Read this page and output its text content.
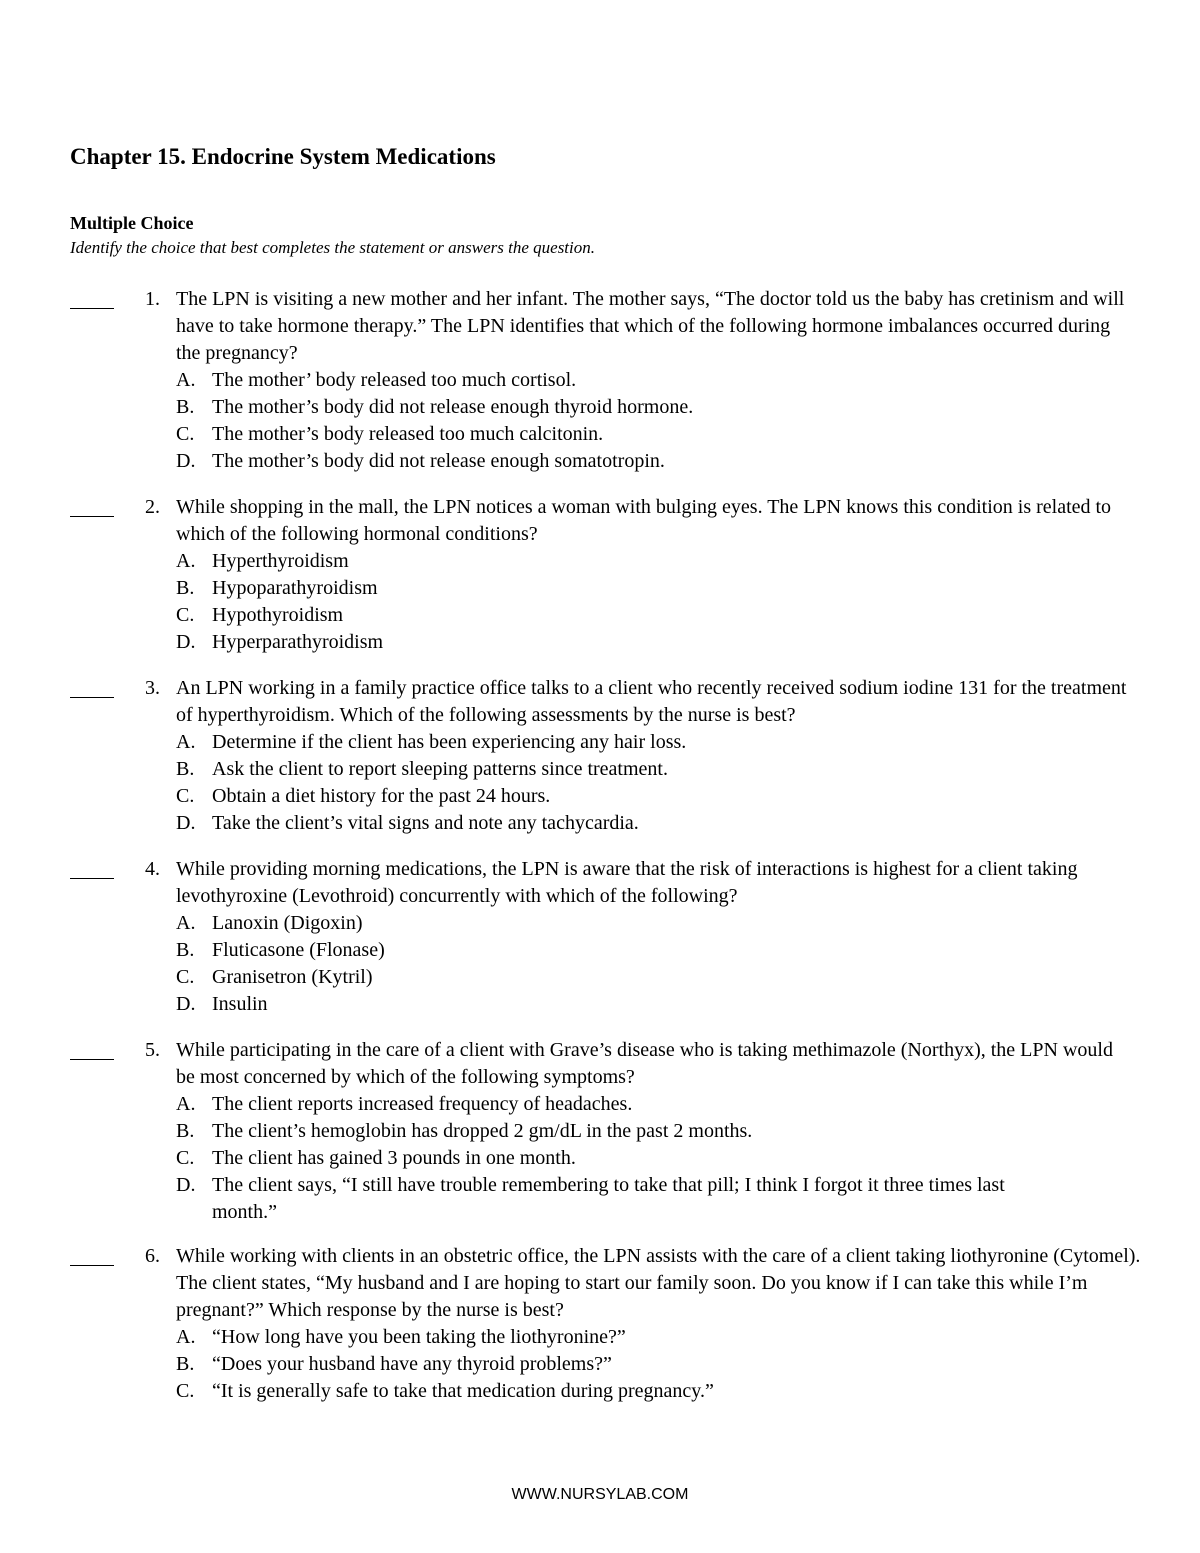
Chapter 15. Endocrine System Medications
Multiple Choice

Identify the choice that best completes the statement or answers the question.

1. The LPN is visiting a new mother and her infant. The mother says, “The doctor told us the baby has cretinism and will have to take hormone therapy.” The LPN identifies that which of the following hormone imbalances occurred during the pregnancy?

A. The mother’ body released too much cortisol.
B. The mother’s body did not release enough thyroid hormone.
C. The mother’s body released too much calcitonin.
D. The mother’s body did not release enough somatotropin.
2. While shopping in the mall, the LPN notices a woman with bulging eyes. The LPN knows this condition is related to which of the following hormonal conditions?

A. Hyperthyroidism
B. Hypoparathyroidism
C. Hypothyroidism
D. Hyperparathyroidism
3. An LPN working in a family practice office talks to a client who recently received sodium iodine 131 for the treatment of hyperthyroidism. Which of the following assessments by the nurse is best?

A. Determine if the client has been experiencing any hair loss.
B. Ask the client to report sleeping patterns since treatment.
C. Obtain a diet history for the past 24 hours.
D. Take the client’s vital signs and note any tachycardia.
4. While providing morning medications, the LPN is aware that the risk of interactions is highest for a client taking levothyroxine (Levothroid) concurrently with which of the following?

A. Lanoxin (Digoxin)
B. Fluticasone (Flonase)
C. Granisetron (Kytril)
D. Insulin
5. While participating in the care of a client with Grave’s disease who is taking methimazole (Northyx), the LPN would be most concerned by which of the following symptoms?

A. The client reports increased frequency of headaches.
B. The client’s hemoglobin has dropped 2 gm/dL in the past 2 months.
C. The client has gained 3 pounds in one month.
D. The client says, “I still have trouble remembering to take that pill; I think I forgot it three times last month.”
6. While working with clients in an obstetric office, the LPN assists with the care of a client taking liothyronine (Cytomel). The client states, “My husband and I are hoping to start our family soon. Do you know if I can take this while I’m pregnant?” Which response by the nurse is best?

A. “How long have you been taking the liothyronine?”
B. “Does your husband have any thyroid problems?”
C. “It is generally safe to take that medication during pregnancy.”
WWW.NURSYLAB.COM
